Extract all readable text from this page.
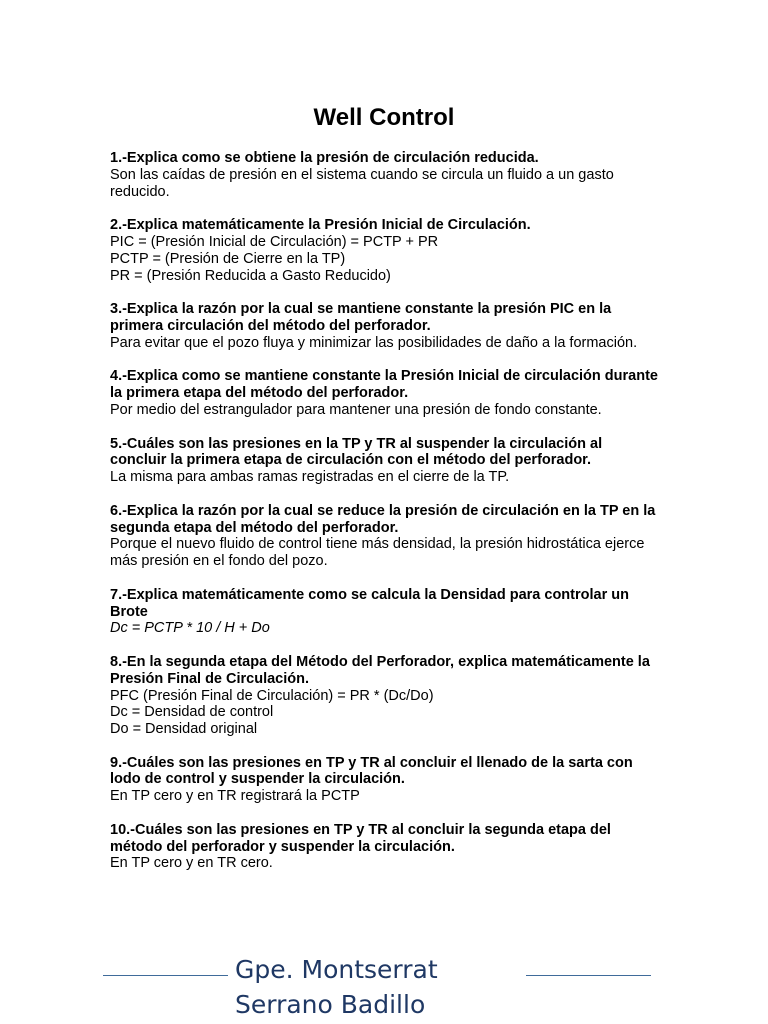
Well Control
1.-Explica como se obtiene la presión de circulación reducida.
Son las caídas de presión en el sistema cuando se circula un fluido a un gasto reducido.
2.-Explica matemáticamente la Presión Inicial de Circulación.
PIC = (Presión Inicial de Circulación) = PCTP + PR
PCTP = (Presión de Cierre en la TP)
PR = (Presión Reducida a Gasto Reducido)
3.-Explica la razón por la cual se mantiene constante la presión PIC en la primera circulación del método del perforador.
Para evitar que el pozo fluya y minimizar las posibilidades de daño a la formación.
4.-Explica como se mantiene constante la Presión Inicial de circulación durante la primera etapa del método del perforador.
Por medio del estrangulador para mantener una presión de fondo constante.
5.-Cuáles son las presiones en la TP y TR al suspender la circulación al concluir la primera etapa de circulación con el método del perforador.
La misma para ambas ramas registradas en el cierre de la TP.
6.-Explica la razón por la cual se reduce la presión de circulación en la TP en la segunda etapa del método del perforador.
Porque el nuevo fluido de control tiene más densidad, la presión hidrostática ejerce más presión en el fondo del pozo.
7.-Explica matemáticamente como se calcula la Densidad para controlar un Brote
Dc = PCTP * 10 / H + Do
8.-En la segunda etapa del Método del Perforador, explica matemáticamente la Presión Final de Circulación.
PFC (Presión Final de Circulación) = PR * (Dc/Do)
Dc = Densidad de control
Do = Densidad original
9.-Cuáles son las presiones en TP y TR al concluir el llenado de la sarta con lodo de control y suspender la circulación.
En TP cero y en TR registrará la PCTP
10.-Cuáles son las presiones en TP y TR al concluir la segunda etapa del método del perforador y suspender la circulación.
En TP cero y en TR cero.
Gpe. Montserrat
Serrano Badillo
